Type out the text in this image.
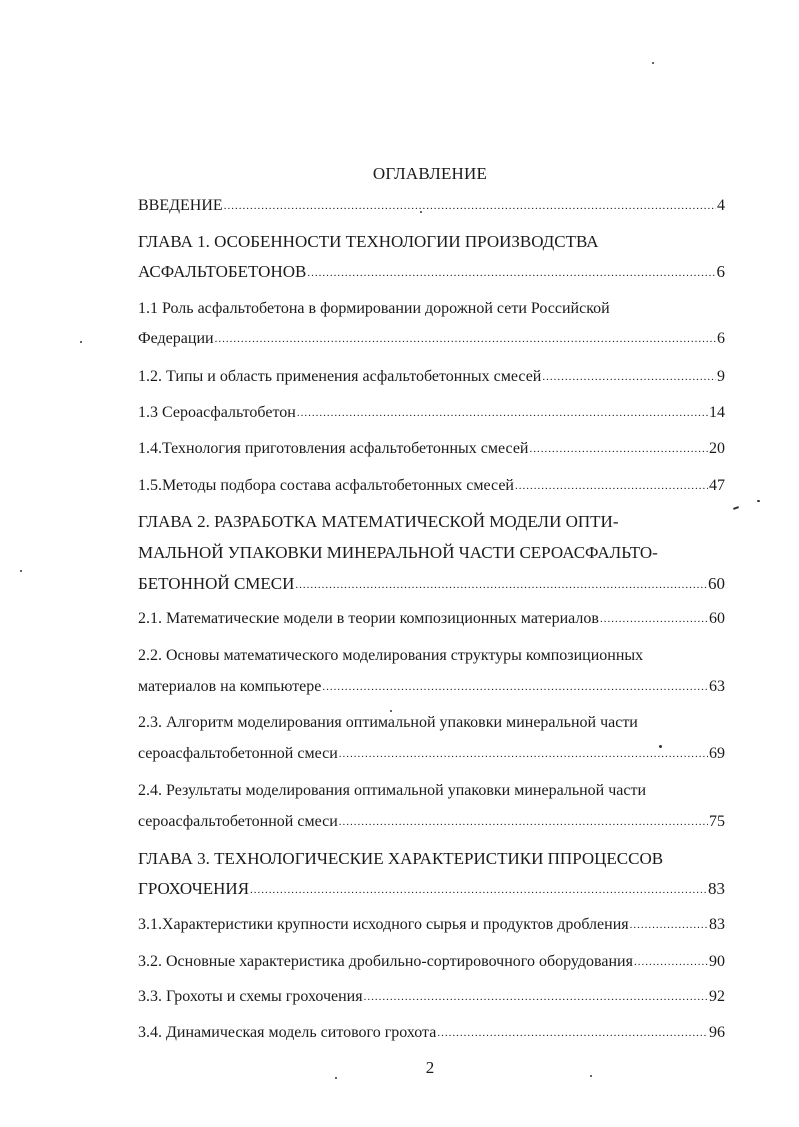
ОГЛАВЛЕНИЕ
ВВЕДЕНИЕ .....	4
ГЛАВА 1. ОСОБЕННОСТИ ТЕХНОЛОГИИ ПРОИЗВОДСТВА
АСФАЛЬТОБЕТОНОВ .....	6
1.1 Роль асфальтобетона в формировании дорожной сети Российской
Федерации .....	6
1.2. Типы и область применения асфальтобетонных смесей .....	9
1.3 Сероасфальтобетон .....	14
1.4.Технология приготовления асфальтобетонных смесей .....	20
1.5.Методы подбора состава асфальтобетонных смесей .....	47
ГЛАВА 2. РАЗРАБОТКА МАТЕМАТИЧЕСКОЙ МОДЕЛИ ОПТИ-
МАЛЬНОЙ УПАКОВКИ МИНЕРАЛЬНОЙ ЧАСТИ СЕРОАСФАЛЬТО-
БЕТОННОЙ СМЕСИ .....	60
2.1. Математические модели в теории композиционных материалов .....	60
2.2. Основы математического моделирования структуры композиционных
материалов на компьютере .....	63
2.3. Алгоритм моделирования оптимальной упаковки минеральной части
сероасфальтобетонной смеси .....	69
2.4. Результаты моделирования оптимальной упаковки минеральной части
сероасфальтобетонной смеси .....	75
ГЛАВА 3. ТЕХНОЛОГИЧЕСКИЕ ХАРАКТЕРИСТИКИ ППРОЦЕССОВ
ГРОХОЧЕНИЯ .....	83
3.1.Характеристики крупности исходного сырья и продуктов дробления .....	83
3.2. Основные характеристика дробильно-сортировочного оборудования .....	90
3.3. Грохоты и схемы грохочения .....	92
3.4. Динамическая модель ситового грохота .....	96
2
